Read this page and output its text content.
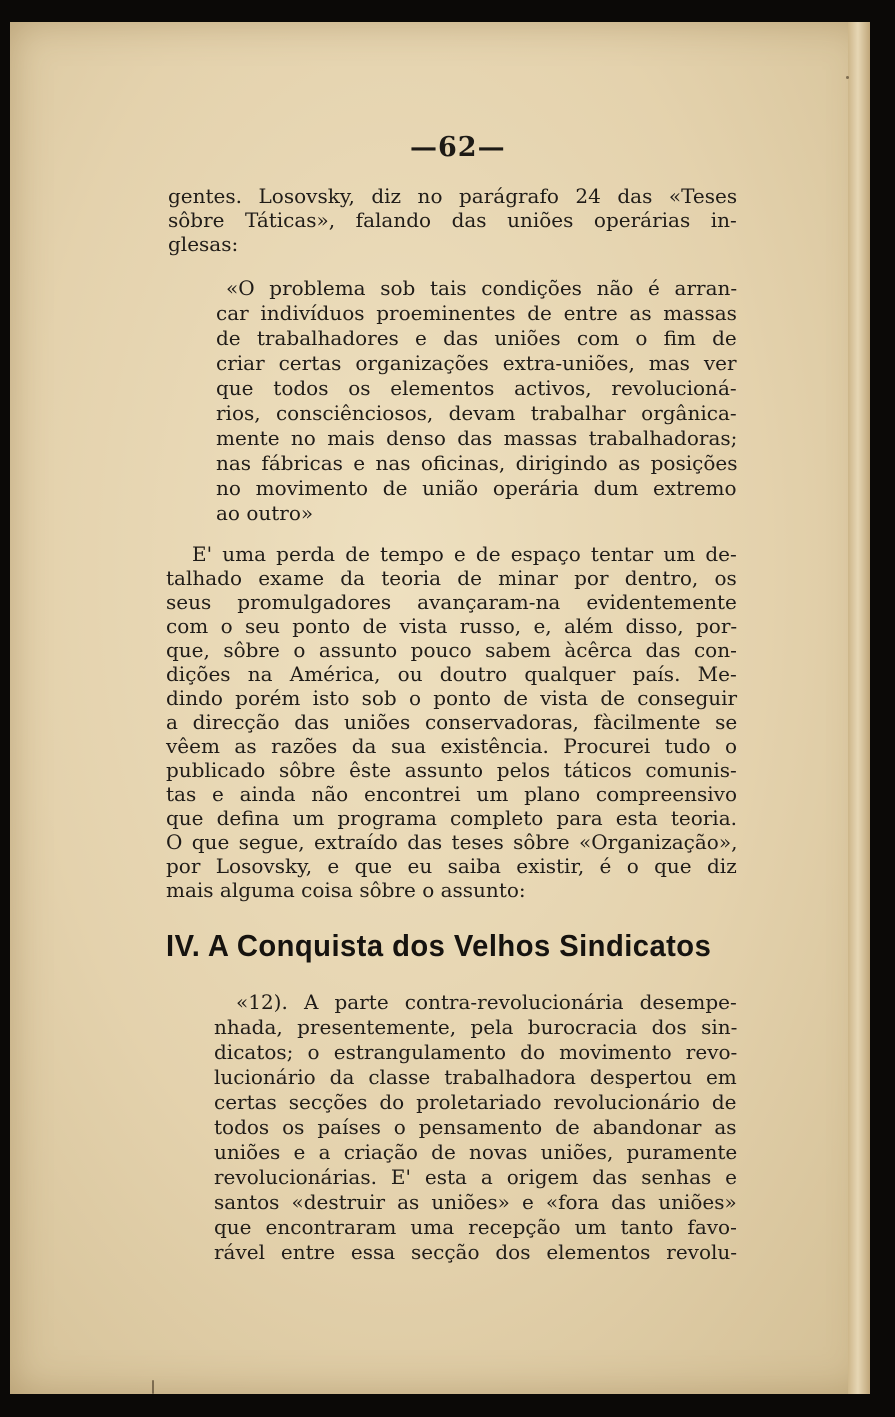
—62—
gentes. Losovsky, diz no parágrafo 24 das «Teses
sôbre Táticas», falando das uniões operárias in-
glesas:
«O problema sob tais condições não é arran-
car indivíduos proeminentes de entre as massas
de trabalhadores e das uniões com o fim de
criar certas organizações extra-uniões, mas ver
que todos os elementos activos, revolucioná-
rios, consciênciosos, devam trabalhar orgânica-
mente no mais denso das massas trabalhadoras;
nas fábricas e nas oficinas, dirigindo as posições
no movimento de união operária dum extremo
ao outro»
E' uma perda de tempo e de espaço tentar um de-
talhado exame da teoria de minar por dentro, os
seus promulgadores avançaram-na evidentemente
com o seu ponto de vista russo, e, além disso, por-
que, sôbre o assunto pouco sabem àcêrca das con-
dições na América, ou doutro qualquer país. Me-
dindo porém isto sob o ponto de vista de conseguir
a direcção das uniões conservadoras, fàcilmente se
vêem as razões da sua existência. Procurei tudo o
publicado sôbre êste assunto pelos táticos comunis-
tas e ainda não encontrei um plano compreensivo
que defina um programa completo para esta teoria.
O que segue, extraído das teses sôbre «Organização»,
por Losovsky, e que eu saiba existir, é o que diz
mais alguma coisa sôbre o assunto:
IV. A Conquista dos Velhos Sindicatos
«12). A parte contra-revolucionária desempe-
nhada, presentemente, pela burocracia dos sin-
dicatos; o estrangulamento do movimento revo-
lucionário da classe trabalhadora despertou em
certas secções do proletariado revolucionário de
todos os países o pensamento de abandonar as
uniões e a criação de novas uniões, puramente
revolucionárias. E' esta a origem das senhas e
santos «destruir as uniões» e «fora das uniões»
que encontraram uma recepção um tanto favo-
rável entre essa secção dos elementos revolu-
